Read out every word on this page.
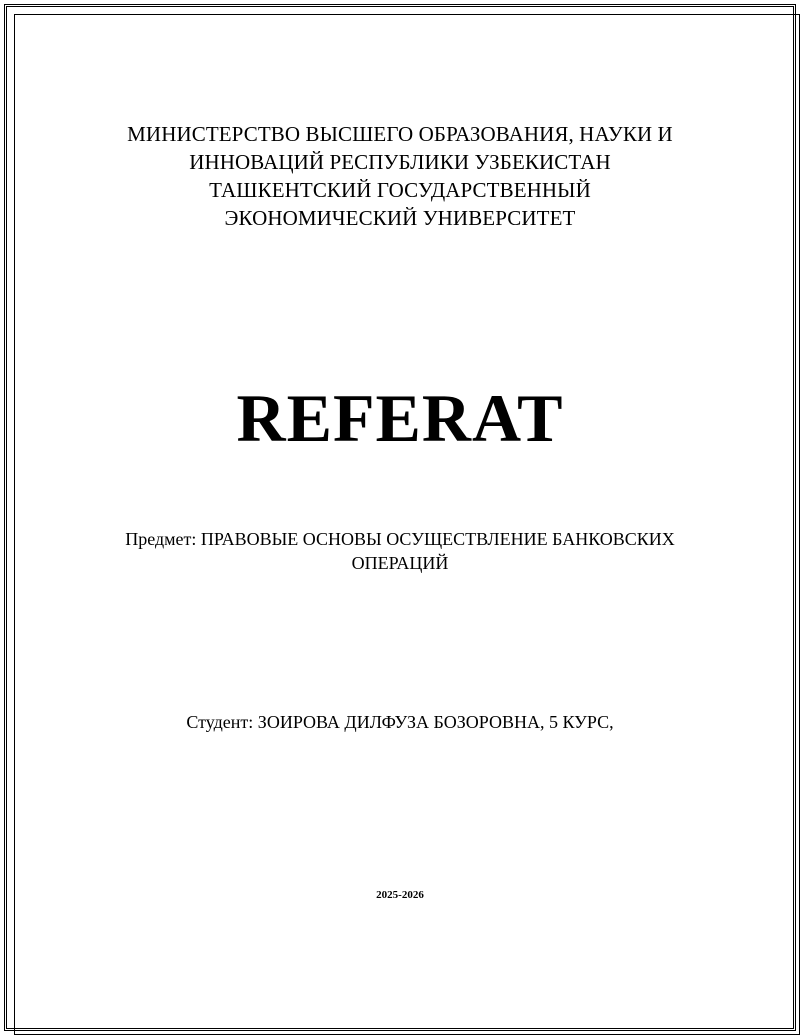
МИНИСТЕРСТВО ВЫСШЕГО ОБРАЗОВАНИЯ, НАУКИ И
ИННОВАЦИЙ РЕСПУБЛИКИ УЗБЕКИСТАН
ТАШКЕНТСКИЙ ГОСУДАРСТВЕННЫЙ
ЭКОНОМИЧЕСКИЙ УНИВЕРСИТЕТ
REFERAT
Предмет: ПРАВОВЫЕ ОСНОВЫ ОСУЩЕСТВЛЕНИЕ БАНКОВСКИХ
ОПЕРАЦИЙ
Студент: ЗОИРОВА ДИЛФУЗА БОЗОРОВНА, 5 КУРС,
2025-2026
